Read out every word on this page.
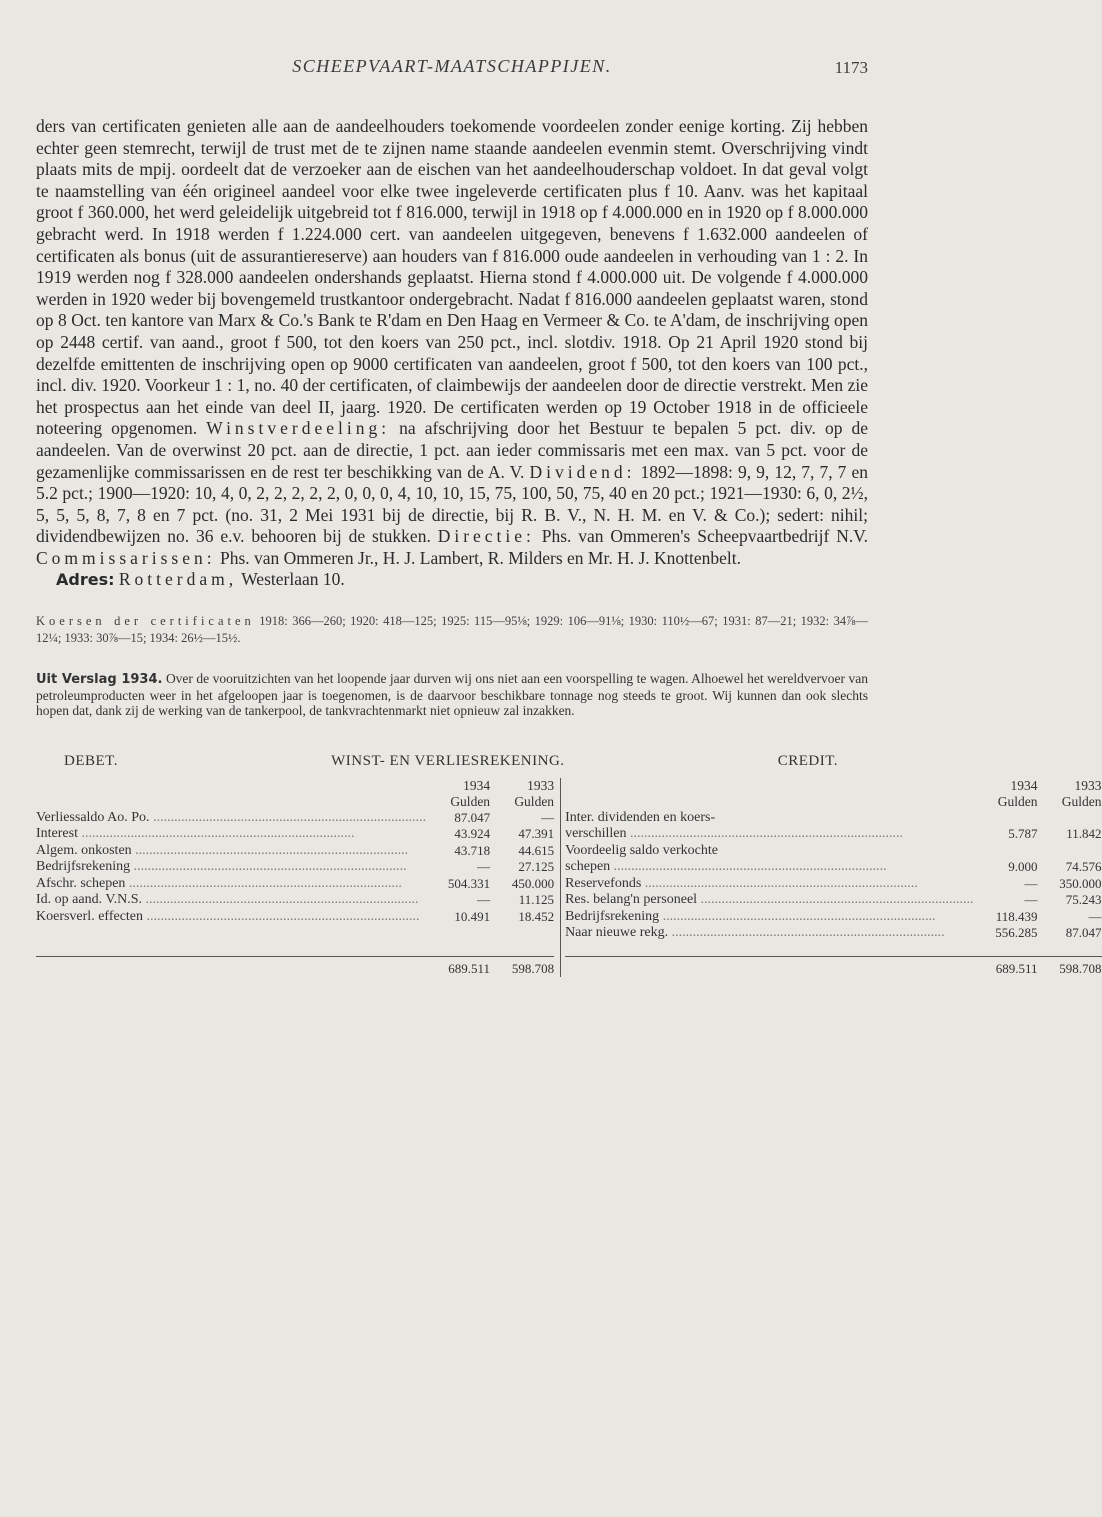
SCHEEPVAART-MAATSCHAPPIJEN.	1173

ders van certificaten genieten alle aan de aandeelhouders toekomende voordeelen zonder eenige korting. Zij hebben echter geen stemrecht, terwijl de trust met de te zijnen name staande aandeelen evenmin stemt. Overschrijving vindt plaats mits de mpij. oordeelt dat de verzoeker aan de eischen van het aandeelhouderschap voldoet. In dat geval volgt te naamstelling van één origineel aandeel voor elke twee ingeleverde certificaten plus f 10. Aanv. was het kapitaal groot f 360.000, het werd geleidelijk uitgebreid tot f 816.000, terwijl in 1918 op f 4.000.000 en in 1920 op f 8.000.000 gebracht werd. In 1918 werden f 1.224.000 cert. van aandeelen uitgegeven, benevens f 1.632.000 aandeelen of certificaten als bonus (uit de assurantiereserve) aan houders van f 816.000 oude aandeelen in verhouding van 1 : 2. In 1919 werden nog f 328.000 aandeelen ondershands geplaatst. Hierna stond f 4.000.000 uit. De volgende f 4.000.000 werden in 1920 weder bij bovengemeld trustkantoor ondergebracht. Nadat f 816.000 aandeelen geplaatst waren, stond op 8 Oct. ten kantore van Marx & Co.'s Bank te R'dam en Den Haag en Vermeer & Co. te A'dam, de inschrijving open op 2448 certif. van aand., groot f 500, tot den koers van 250 pct., incl. slotdiv. 1918. Op 21 April 1920 stond bij dezelfde emittenten de inschrijving open op 9000 certificaten van aandeelen, groot f 500, tot den koers van 100 pct., incl. div. 1920. Voorkeur 1 : 1, no. 40 der certificaten, of claimbewijs der aandeelen door de directie verstrekt. Men zie het prospectus aan het einde van deel II, jaarg. 1920. De certificaten werden op 19 October 1918 in de officieele noteering opgenomen. Winstverdeeling: na afschrijving door het Bestuur te bepalen 5 pct. div. op de aandeelen. Van de overwinst 20 pct. aan de directie, 1 pct. aan ieder commissaris met een max. van 5 pct. voor de gezamenlijke commissarissen en de rest ter beschikking van de A. V. Dividend: 1892—1898: 9, 9, 12, 7, 7, 7 en 5.2 pct.; 1900—1920: 10, 4, 0, 2, 2, 2, 2, 2, 0, 0, 0, 4, 10, 10, 15, 75, 100, 50, 75, 40 en 20 pct.; 1921—1930: 6, 0, 2½, 5, 5, 5, 8, 7, 8 en 7 pct. (no. 31, 2 Mei 1931 bij de directie, bij R. B. V., N. H. M. en V. & Co.); sedert: nihil; dividendbewijzen no. 36 e.v. behooren bij de stukken. Directie: Phs. van Ommeren's Scheepvaartbedrijf N.V. Commissarissen: Phs. van Ommeren Jr., H. J. Lambert, R. Milders en Mr. H. J. Knottenbelt.

Adres: Rotterdam, Westerlaan 10.

Koersen der certificaten 1918: 366—260; 1920: 418—125; 1925: 115—95⅛; 1929: 106—91⅛; 1930: 110½—67; 1931: 87—21; 1932: 34⅞—12¼; 1933: 30⅞—15; 1934: 26½—15½.
Uit Verslag 1934. Over de vooruitzichten van het loopende jaar durven wij ons niet aan een voorspelling te wagen. Alhoewel het wereldvervoer van petroleumproducten weer in het afgeloopen jaar is toegenomen, is de daarvoor beschikbare tonnage nog steeds te groot. Wij kunnen dan ook slechts hopen dat, dank zij de werking van de tankerpool, de tankvrachtenmarkt niet opnieuw zal inzakken.
DEBET.	WINST- EN VERLIESREKENING.	CREDIT.
1934	1933
Gulden	Gulden
Verliessaldo Ao. Po. .....	87.047	—
Interest .....	43.924	47.391
Algem. onkosten .....	43.718	44.615
Bedrijfsrekening .....	—	27.125
Afschr. schepen .....	504.331	450.000
Id. op aand. V.N.S. .....	—	11.125
Koersverl. effecten .....	10.491	18.452
689.511	598.708
1934	1933
Gulden	Gulden
Inter. dividenden en koers-
verschillen .....	5.787	11.842
Voordeelig saldo verkochte
schepen .....	9.000	74.576
Reservefonds .....	—	350.000
Res. belang'n personeel .....	—	75.243
Bedrijfsrekening .....	118.439	—
Naar nieuwe rekg. .....	556.285	87.047
689.511	598.708
